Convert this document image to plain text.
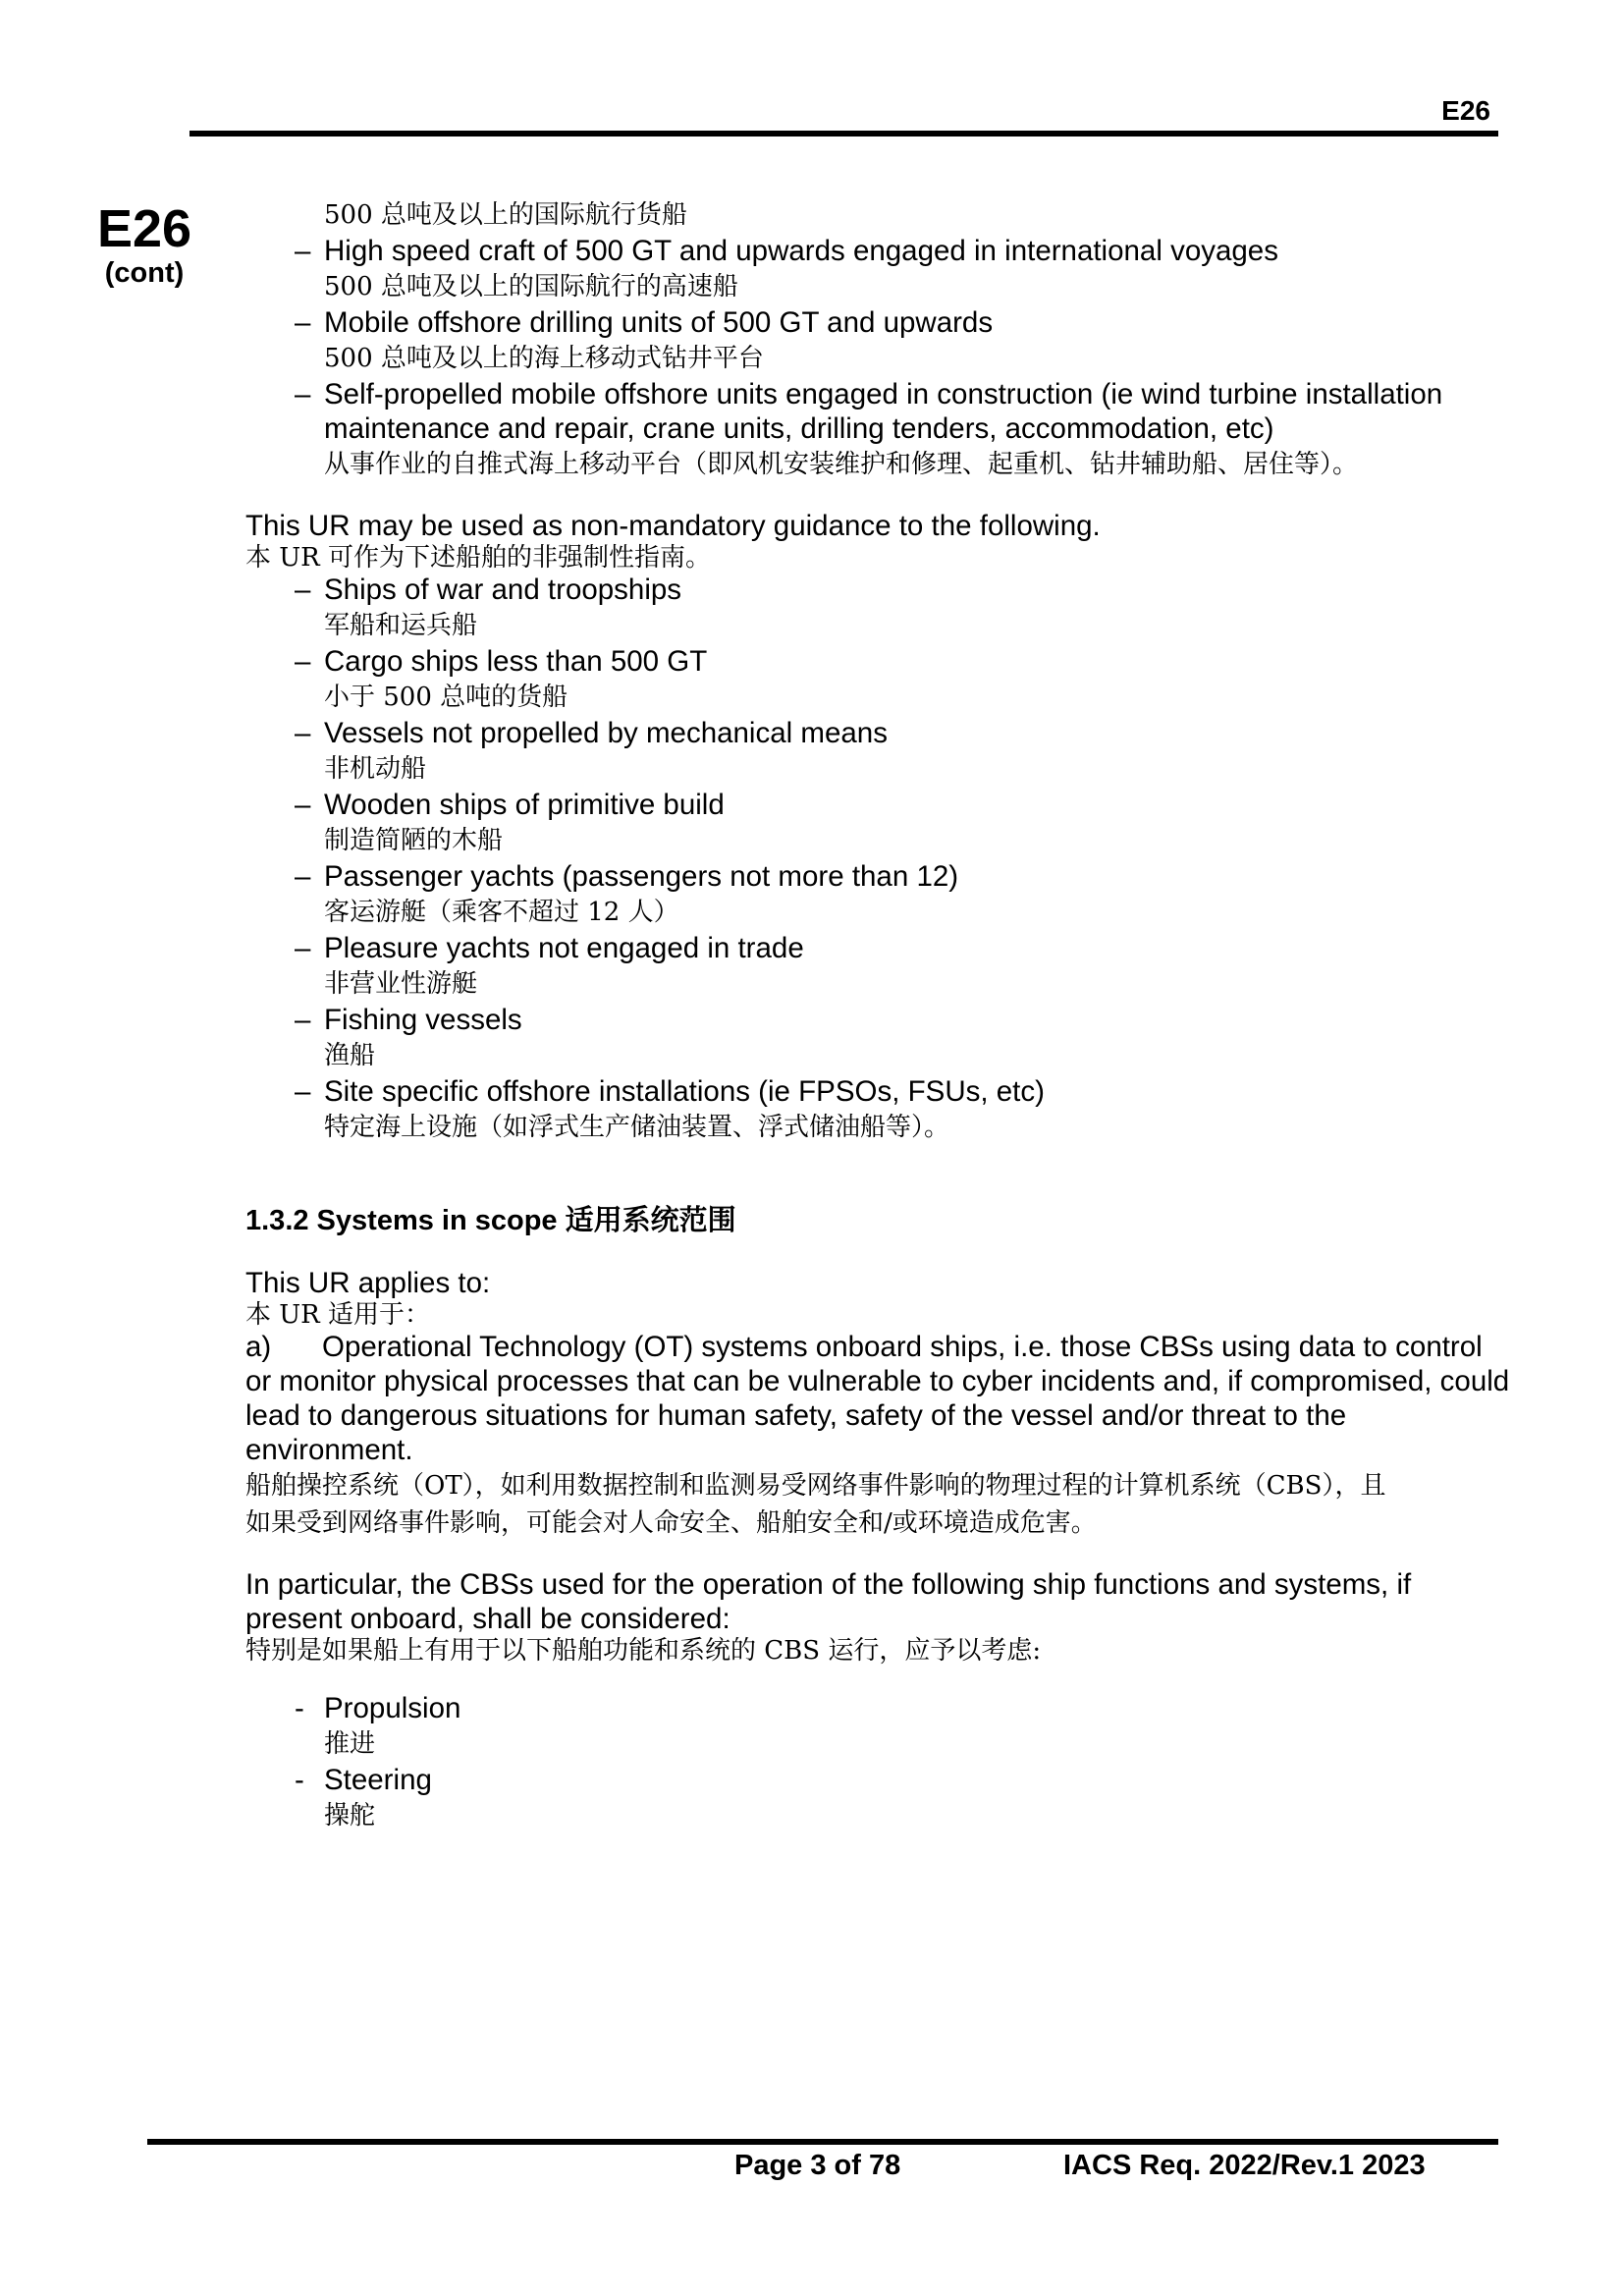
E26
E26
(cont)
500 总吨及以上的国际航行货船
– High speed craft of 500 GT and upwards engaged in international voyages
500 总吨及以上的国际航行的高速船
– Mobile offshore drilling units of 500 GT and upwards
500 总吨及以上的海上移动式钻井平台
– Self-propelled mobile offshore units engaged in construction (ie wind turbine installation maintenance and repair, crane units, drilling tenders, accommodation, etc)
从事作业的自推式海上移动平台（即风机安装维护和修理、起重机、钻井辅助船、居住等）。
This UR may be used as non-mandatory guidance to the following.
本 UR 可作为下述船舶的非强制性指南。
– Ships of war and troopships
军船和运兵船
– Cargo ships less than 500 GT
小于 500 总吨的货船
– Vessels not propelled by mechanical means
非机动船
– Wooden ships of primitive build
制造简陋的木船
– Passenger yachts (passengers not more than 12)
客运游艇（乘客不超过 12 人）
– Pleasure yachts not engaged in trade
非营业性游艇
– Fishing vessels
渔船
– Site specific offshore installations (ie FPSOs, FSUs, etc)
特定海上设施（如浮式生产储油装置、浮式储油船等）。
1.3.2 Systems in scope 适用系统范围
This UR applies to:
本 UR 适用于：
a) Operational Technology (OT) systems onboard ships, i.e. those CBSs using data to control or monitor physical processes that can be vulnerable to cyber incidents and, if compromised, could lead to dangerous situations for human safety, safety of the vessel and/or threat to the environment.
船舶操控系统（OT），如利用数据控制和监测易受网络事件影响的物理过程的计算机系统（CBS），且如果受到网络事件影响，可能会对人命安全、船舶安全和/或环境造成危害。
In particular, the CBSs used for the operation of the following ship functions and systems, if present onboard, shall be considered:
特别是如果船上有用于以下船舶功能和系统的 CBS 运行，应予以考虑:
- Propulsion
推进
- Steering
操舵
Page 3 of 78	IACS Req. 2022/Rev.1 2023
